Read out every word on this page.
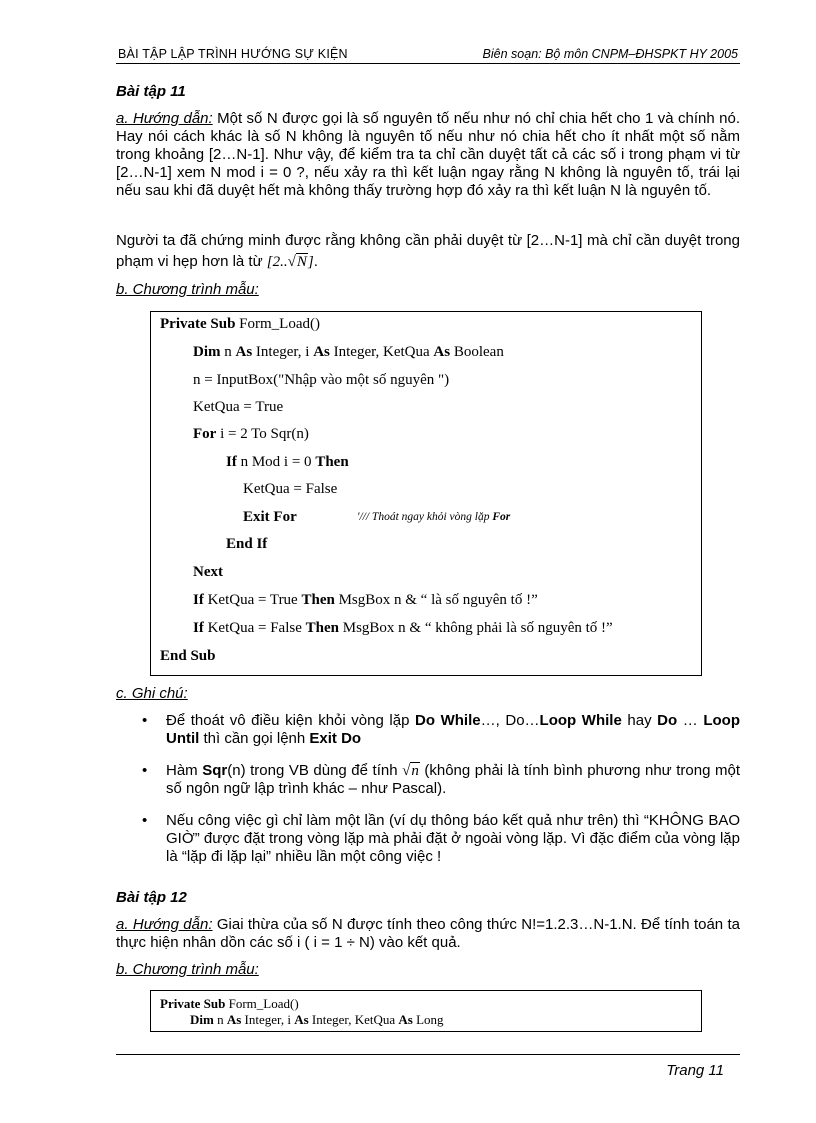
BÀI TẬP LẬP TRÌNH HƯỚNG SỰ KIỆN	Biên soạn: Bộ môn CNPM–ĐHSPKT HY 2005
Bài tập 11
a. Hướng dẫn: Một số N được gọi là số nguyên tố nếu như nó chỉ chia hết cho 1 và chính nó. Hay nói cách khác là số N không là nguyên tố nếu như nó chia hết cho ít nhất một số nằm trong khoảng [2…N-1]. Như vậy, để kiểm tra ta chỉ cần duyệt tất cả các số i trong phạm vi từ [2…N-1] xem N mod i = 0 ?, nếu xảy ra thì kết luận ngay rằng N không là nguyên tố, trái lại nếu sau khi đã duyệt hết mà không thấy trường hợp đó xảy ra thì kết luận N là nguyên tố.
Người ta đã chứng minh được rằng không cần phải duyệt từ [2…N-1] mà chỉ cần duyệt trong phạm vi hẹp hơn là từ [2..√N].
b. Chương trình mẫu:
Private Sub Form_Load()
Dim n As Integer, i As Integer, KetQua As Boolean
n = InputBox("Nhập vào một số nguyên ")
KetQua = True
For i = 2 To Sqr(n)
If n Mod i = 0 Then
KetQua = False
Exit For	'/// Thoát ngay khỏi vòng lặp For
End If
Next
If KetQua = True Then MsgBox n & “ là số nguyên tố !”
If KetQua = False Then MsgBox n & “ không phải là số nguyên tố !”
End Sub
c. Ghi chú:
• Để thoát vô điều kiện khỏi vòng lặp Do While…, Do…Loop While hay Do … Loop Until thì cần gọi lệnh Exit Do
• Hàm Sqr(n) trong VB dùng để tính √n (không phải là tính bình phương như trong một số ngôn ngữ lập trình khác – như Pascal).
• Nếu công việc gì chỉ làm một lần (ví dụ thông báo kết quả như trên) thì “KHÔNG BAO GIỜ” được đặt trong vòng lặp mà phải đặt ở ngoài vòng lặp. Vì đặc điểm của vòng lặp là “lặp đi lặp lại” nhiều lần một công việc !
Bài tập 12
a. Hướng dẫn: Giai thừa của số N được tính theo công thức N!=1.2.3…N-1.N. Để tính toán ta thực hiện nhân dồn các số i ( i = 1 ÷ N) vào kết quả.
b. Chương trình mẫu:
Private Sub Form_Load()
Dim n As Integer, i As Integer, KetQua As Long
Trang 11
